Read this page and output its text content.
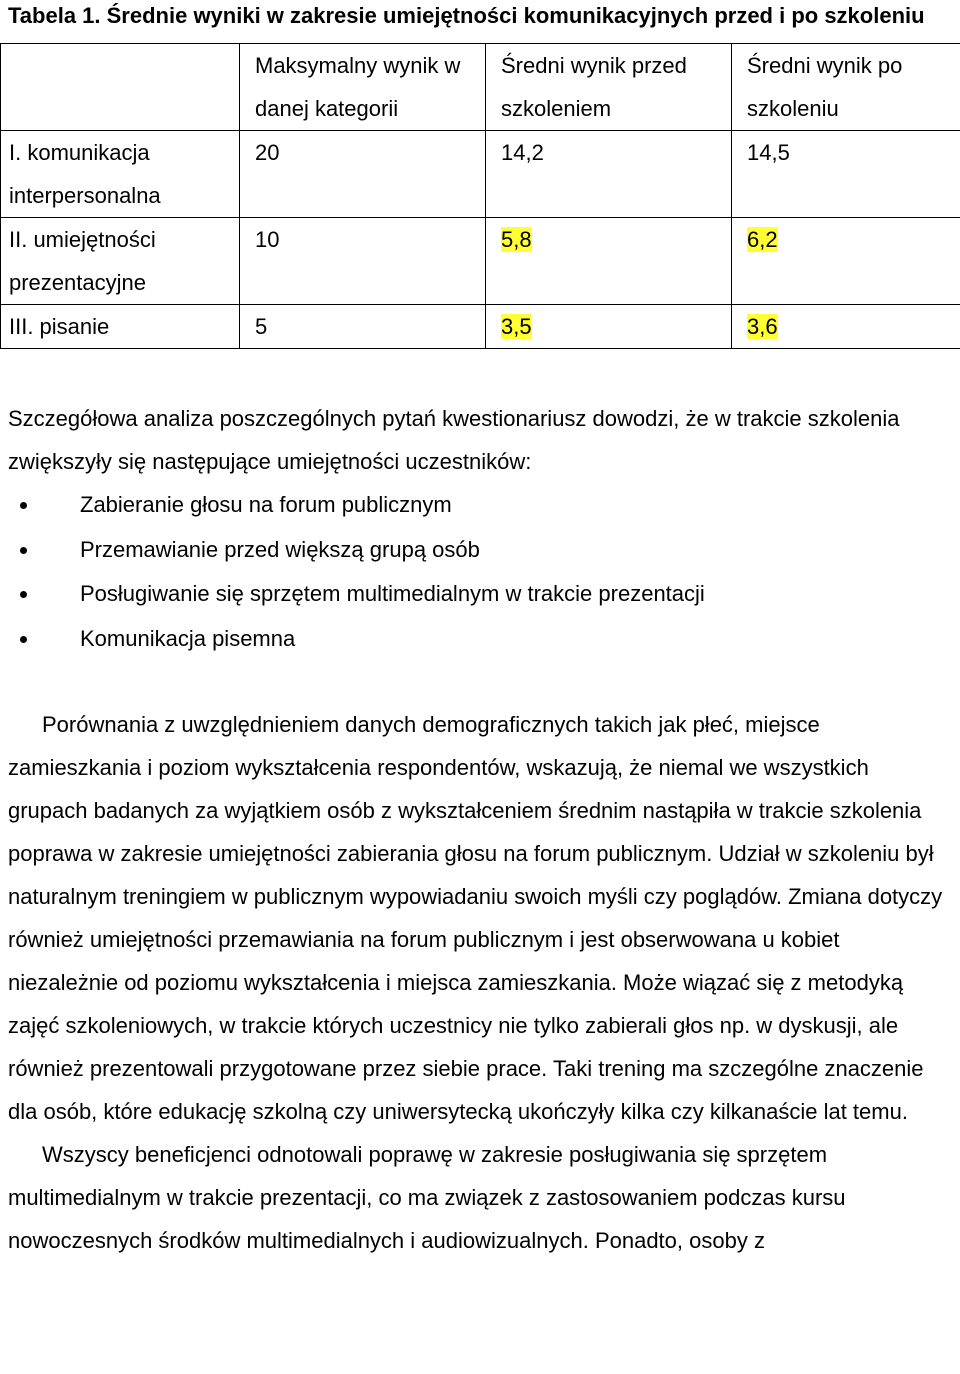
Tabela 1. Średnie wyniki w zakresie umiejętności komunikacyjnych przed i po szkoleniu
	Maksymalny wynik w danej kategorii	Średni wynik przed szkoleniem	Średni wynik po szkoleniu
I. komunikacja interpersonalna	20	14,2	14,5
II. umiejętności prezentacyjne	10	5,8	6,2
III. pisanie	5	3,5	3,6

Szczegółowa analiza poszczególnych pytań kwestionariusz dowodzi, że w trakcie szkolenia zwiększyły się następujące umiejętności uczestników:

Zabieranie głosu na forum publicznym
Przemawianie przed większą grupą osób
Posługiwanie się sprzętem multimedialnym w trakcie prezentacji
Komunikacja pisemna

Porównania z uwzględnieniem danych demograficznych takich jak płeć, miejsce zamieszkania i poziom wykształcenia respondentów, wskazują, że niemal we wszystkich grupach badanych za wyjątkiem osób z wykształceniem średnim nastąpiła w trakcie szkolenia poprawa w zakresie umiejętności zabierania głosu na forum publicznym. Udział w szkoleniu był naturalnym treningiem w publicznym wypowiadaniu swoich myśli czy poglądów. Zmiana dotyczy również umiejętności przemawiania na forum publicznym i jest obserwowana u kobiet niezależnie od poziomu wykształcenia i miejsca zamieszkania. Może wiązać się z metodyką zajęć szkoleniowych, w trakcie których uczestnicy nie tylko zabierali głos np. w dyskusji, ale również prezentowali przygotowane przez siebie prace. Taki trening ma szczególne znaczenie dla osób, które edukację szkolną czy uniwersytecką ukończyły kilka czy kilkanaście lat temu.

Wszyscy beneficjenci odnotowali poprawę w zakresie posługiwania się sprzętem multimedialnym w trakcie prezentacji, co ma związek z zastosowaniem podczas kursu nowoczesnych środków multimedialnych i audiowizualnych. Ponadto, osoby z
